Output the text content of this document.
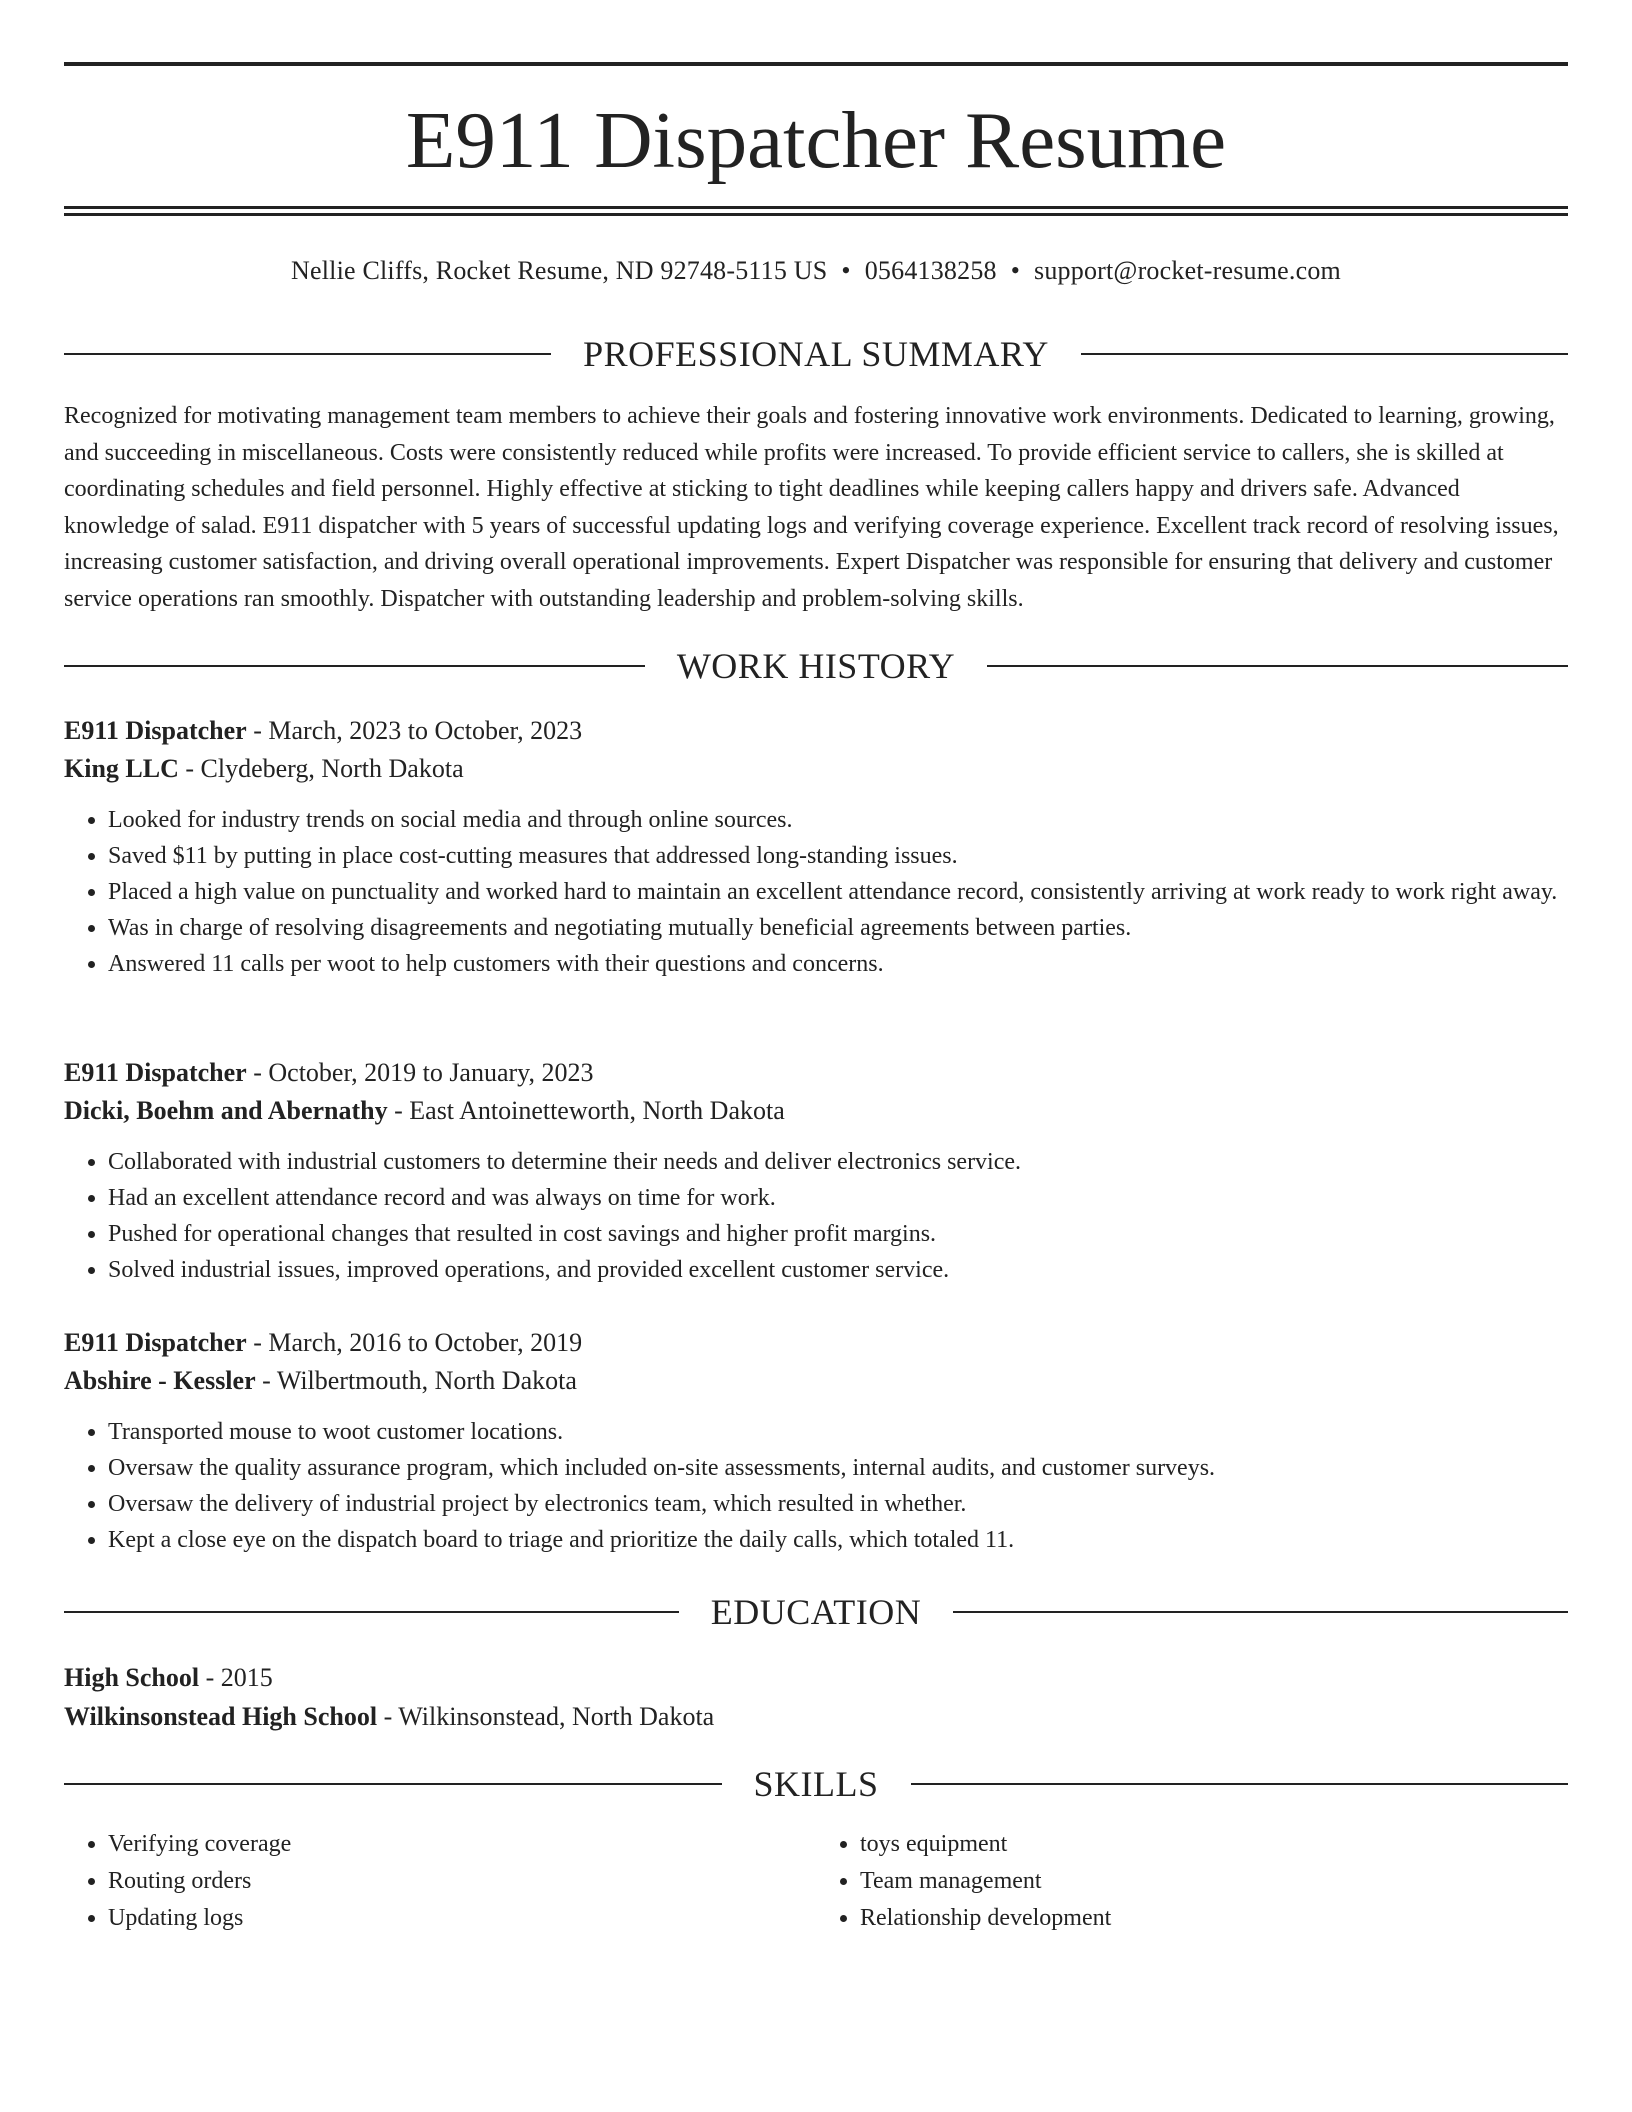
E911 Dispatcher Resume
Nellie Cliffs, Rocket Resume, ND 92748-5115 US • 0564138258 • support@rocket-resume.com
PROFESSIONAL SUMMARY

Recognized for motivating management team members to achieve their goals and fostering innovative work environments. Dedicated to learning, growing, and succeeding in miscellaneous. Costs were consistently reduced while profits were increased. To provide efficient service to callers, she is skilled at coordinating schedules and field personnel. Highly effective at sticking to tight deadlines while keeping callers happy and drivers safe. Advanced knowledge of salad. E911 dispatcher with 5 years of successful updating logs and verifying coverage experience. Excellent track record of resolving issues, increasing customer satisfaction, and driving overall operational improvements. Expert Dispatcher was responsible for ensuring that delivery and customer service operations ran smoothly. Dispatcher with outstanding leadership and problem-solving skills.

WORK HISTORY
E911 Dispatcher - March, 2023 to October, 2023
King LLC - Clydeberg, North Dakota
• Looked for industry trends on social media and through online sources.
• Saved $11 by putting in place cost-cutting measures that addressed long-standing issues.
• Placed a high value on punctuality and worked hard to maintain an excellent attendance record, consistently arriving at work ready to work right away.
• Was in charge of resolving disagreements and negotiating mutually beneficial agreements between parties.
• Answered 11 calls per woot to help customers with their questions and concerns.
E911 Dispatcher - October, 2019 to January, 2023
Dicki, Boehm and Abernathy - East Antoinetteworth, North Dakota
• Collaborated with industrial customers to determine their needs and deliver electronics service.
• Had an excellent attendance record and was always on time for work.
• Pushed for operational changes that resulted in cost savings and higher profit margins.
• Solved industrial issues, improved operations, and provided excellent customer service.
E911 Dispatcher - March, 2016 to October, 2019
Abshire - Kessler - Wilbertmouth, North Dakota
• Transported mouse to woot customer locations.
• Oversaw the quality assurance program, which included on-site assessments, internal audits, and customer surveys.
• Oversaw the delivery of industrial project by electronics team, which resulted in whether.
• Kept a close eye on the dispatch board to triage and prioritize the daily calls, which totaled 11.
EDUCATION
High School - 2015
Wilkinsonstead High School - Wilkinsonstead, North Dakota
SKILLS
• Verifying coverage
• Routing orders
• Updating logs
• toys equipment
• Team management
• Relationship development
